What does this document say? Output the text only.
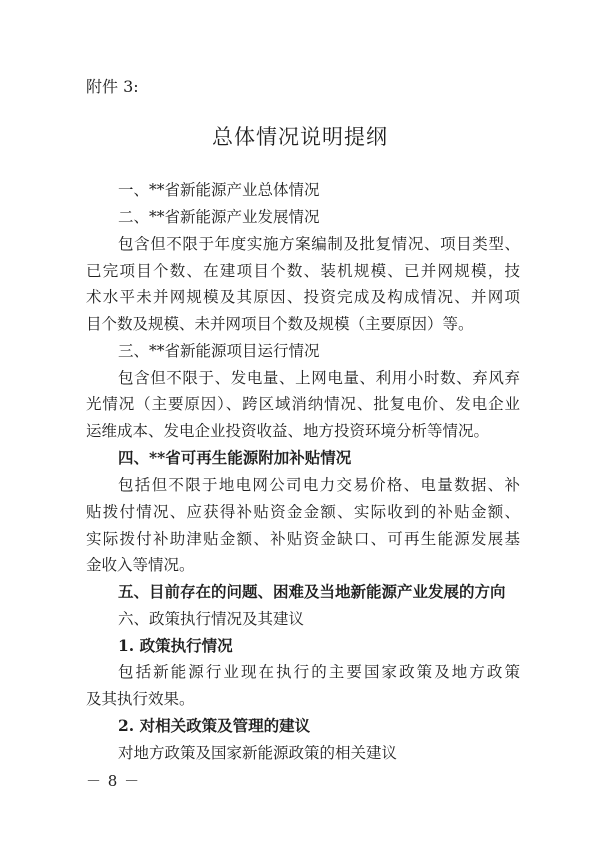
附件 3:
总体情况说明提纲
一、**省新能源产业总体情况
二、**省新能源产业发展情况
包含但不限于年度实施方案编制及批复情况、项目类型、
已完项目个数、在建项目个数、装机规模、已并网规模，技
术水平未并网规模及其原因、投资完成及构成情况、并网项
目个数及规模、未并网项目个数及规模（主要原因）等。
三、**省新能源项目运行情况
包含但不限于、发电量、上网电量、利用小时数、弃风弃
光情况（主要原因）、跨区域消纳情况、批复电价、发电企业
运维成本、发电企业投资收益、地方投资环境分析等情况。
四、**省可再生能源附加补贴情况
包括但不限于地电网公司电力交易价格、电量数据、补
贴拨付情况、应获得补贴资金金额、实际收到的补贴金额、
实际拨付补助津贴金额、补贴资金缺口、可再生能源发展基
金收入等情况。
五、目前存在的问题、困难及当地新能源产业发展的方向
六、政策执行情况及其建议
1. 政策执行情况
包括新能源行业现在执行的主要国家政策及地方政策
及其执行效果。
2. 对相关政策及管理的建议
对地方政策及国家新能源政策的相关建议
－ 8 －
